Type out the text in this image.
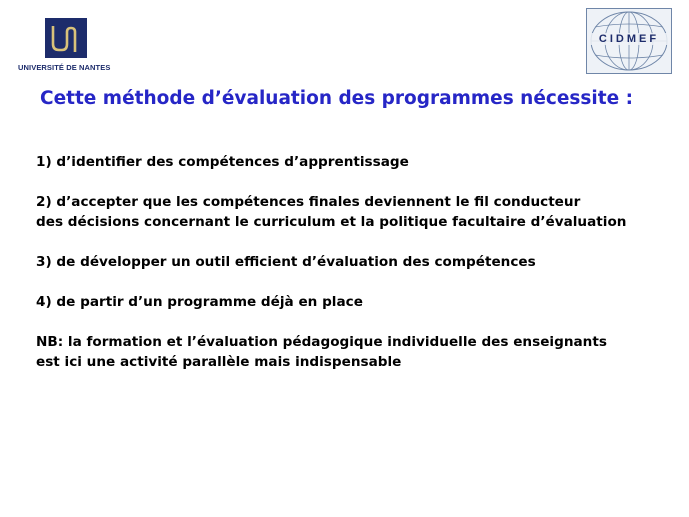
UNIVERSITÉ DE NANTES
CIDMEF
Cette méthode d’évaluation des programmes nécessite :
1) d’identifier des compétences d’apprentissage
2) d’accepter que les compétences finales deviennent le fil conducteur
des décisions concernant le curriculum et la politique facultaire d’évaluation
3) de développer un outil efficient d’évaluation des compétences
4) de partir d’un programme déjà en place
NB: la formation et l’évaluation pédagogique individuelle des enseignants
est ici une activité parallèle mais indispensable
